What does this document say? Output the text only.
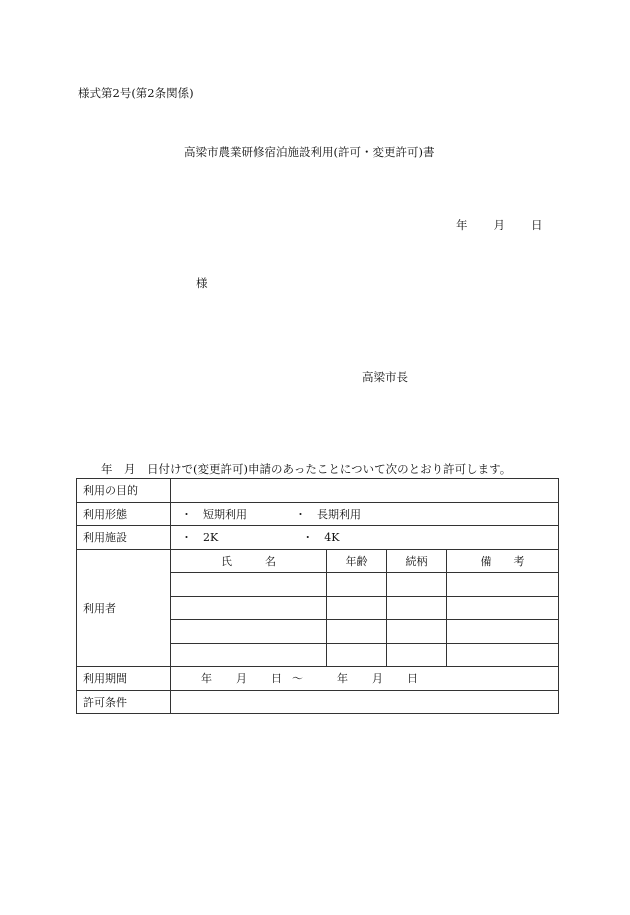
様式第2号(第2条関係)
高梁市農業研修宿泊施設利用(許可・変更許可)書
年 月 日
様
高梁市長
年　月　日付けで(変更許可)申請のあったことについて次のとおり許可します。
利用の目的				
利用形態	・ 短期利用 ・ 長期利用			
利用施設	・ 2K ・ 4K			
利用者	氏　　　名	年齢	続柄	備　　考

利用期間	年 月 日 ～ 年 月 日			
許可条件				
